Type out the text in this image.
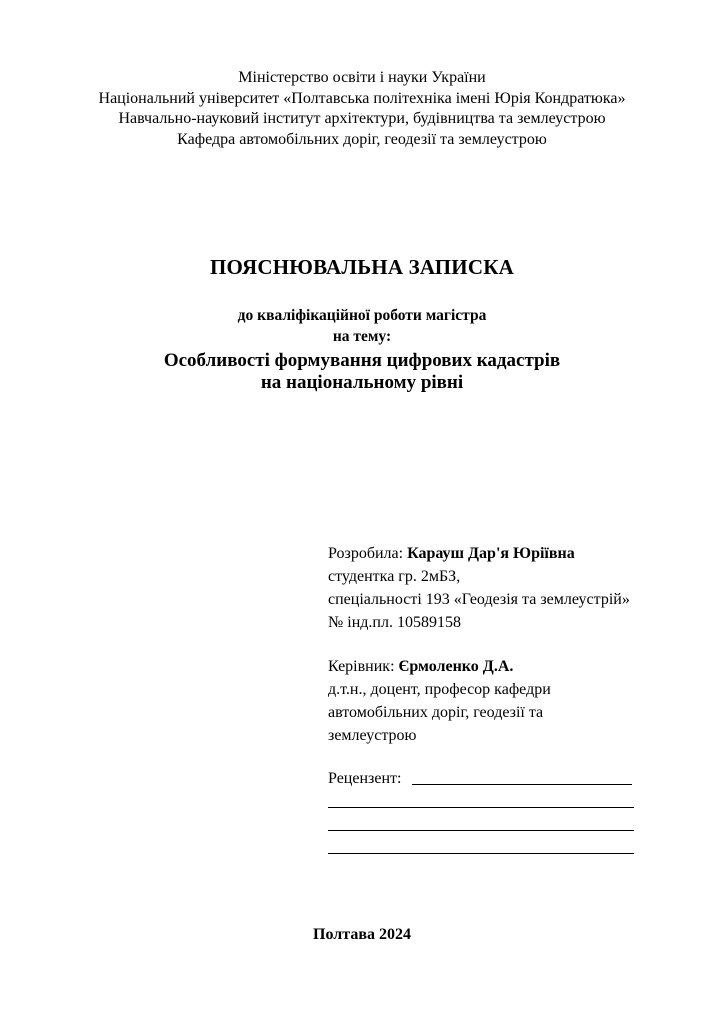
Міністерство освіти і науки України
Національний університет «Полтавська політехніка імені Юрія Кондратюка»
Навчально-науковий інститут архітектури, будівництва та землеустрою
Кафедра автомобільних доріг, геодезії та землеустрою
ПОЯСНЮВАЛЬНА ЗАПИСКА
до кваліфікаційної роботи магістра
на тему:
Особливості формування цифрових кадастрів
на національному рівні
Розробила: Карауш Дар'я Юріївна
студентка гр. 2мБЗ,
спеціальності 193 «Геодезія та землеустрій»
№ інд.пл. 10589158
Керівник: Єрмоленко Д.А.
д.т.н., доцент, професор кафедри
автомобільних доріг, геодезії та
землеустрою
Рецензент:
Полтава 2024
